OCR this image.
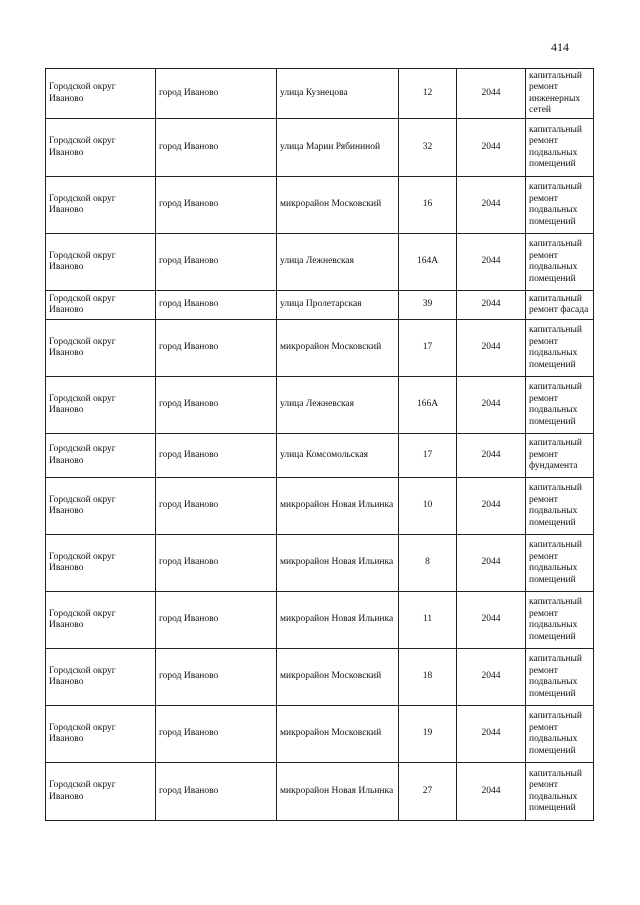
414
Городской округ Иваново	город Иваново	улица Кузнецова	12	2044	капитальный ремонт инженерных сетей
Городской округ Иваново	город Иваново	улица Марии Рябининой	32	2044	капитальный ремонт подвальных помещений
Городской округ Иваново	город Иваново	микрорайон Московский	16	2044	капитальный ремонт подвальных помещений
Городской округ Иваново	город Иваново	улица Лежневская	164А	2044	капитальный ремонт подвальных помещений
Городской округ Иваново	город Иваново	улица Пролетарская	39	2044	капитальный ремонт фасада
Городской округ Иваново	город Иваново	микрорайон Московский	17	2044	капитальный ремонт подвальных помещений
Городской округ Иваново	город Иваново	улица Лежневская	166А	2044	капитальный ремонт подвальных помещений
Городской округ Иваново	город Иваново	улица Комсомольская	17	2044	капитальный ремонт фундамента
Городской округ Иваново	город Иваново	микрорайон Новая Ильинка	10	2044	капитальный ремонт подвальных помещений
Городской округ Иваново	город Иваново	микрорайон Новая Ильинка	8	2044	капитальный ремонт подвальных помещений
Городской округ Иваново	город Иваново	микрорайон Новая Ильинка	11	2044	капитальный ремонт подвальных помещений
Городской округ Иваново	город Иваново	микрорайон Московский	18	2044	капитальный ремонт подвальных помещений
Городской округ Иваново	город Иваново	микрорайон Московский	19	2044	капитальный ремонт подвальных помещений
Городской округ Иваново	город Иваново	микрорайон Новая Ильинка	27	2044	капитальный ремонт подвальных помещений
